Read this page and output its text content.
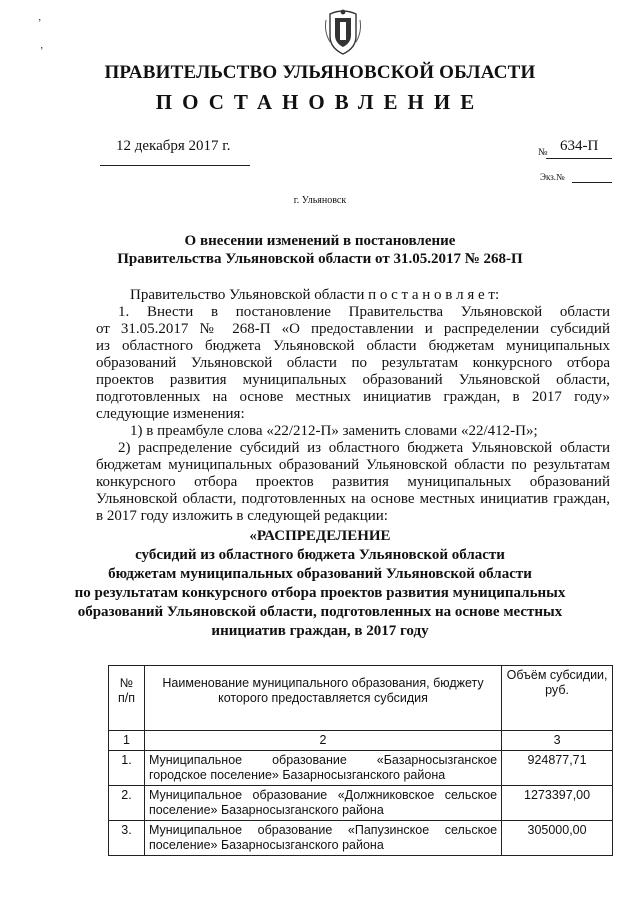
ПРАВИТЕЛЬСТВО УЛЬЯНОВСКОЙ ОБЛАСТИ
ПОСТАНОВЛЕНИЕ
12 декабря 2017 г.	№ 634-П
Экз.№
г. Ульяновск
О внесении изменений в постановление
Правительства Ульяновской области от 31.05.2017 № 268-П
Правительство Ульяновской области п о с т а н о в л я е т:
1. Внести в постановление Правительства Ульяновской области
от 31.05.2017 № 268-П «О предоставлении и распределении субсидий
из областного бюджета Ульяновской области бюджетам муниципальных
образований Ульяновской области по результатам конкурсного отбора
проектов развития муниципальных образований Ульяновской области,
подготовленных на основе местных инициатив граждан, в 2017 году»
следующие изменения:
1) в преамбуле слова «22/212-П» заменить словами «22/412-П»;
2) распределение субсидий из областного бюджета Ульяновской области
бюджетам муниципальных образований Ульяновской области по результатам
конкурсного отбора проектов развития муниципальных образований
Ульяновской области, подготовленных на основе местных инициатив граждан,
в 2017 году изложить в следующей редакции:
«РАСПРЕДЕЛЕНИЕ
субсидий из областного бюджета Ульяновской области
бюджетам муниципальных образований Ульяновской области
по результатам конкурсного отбора проектов развития муниципальных
образований Ульяновской области, подготовленных на основе местных
инициатив граждан, в 2017 году
№ п/п	Наименование муниципального образования, бюджету которого предоставляется субсидия	Объём субсидии, руб.
1	2	3
1.	Муниципальное образование «Базарносызганское городское поселение» Базарносызганского района	924877,71
2.	Муниципальное образование «Должниковское сельское поселение» Базарносызганского района	1273397,00
3.	Муниципальное образование «Папузинское сельское поселение» Базарносызганского района	305000,00
ʼ
ʼ
